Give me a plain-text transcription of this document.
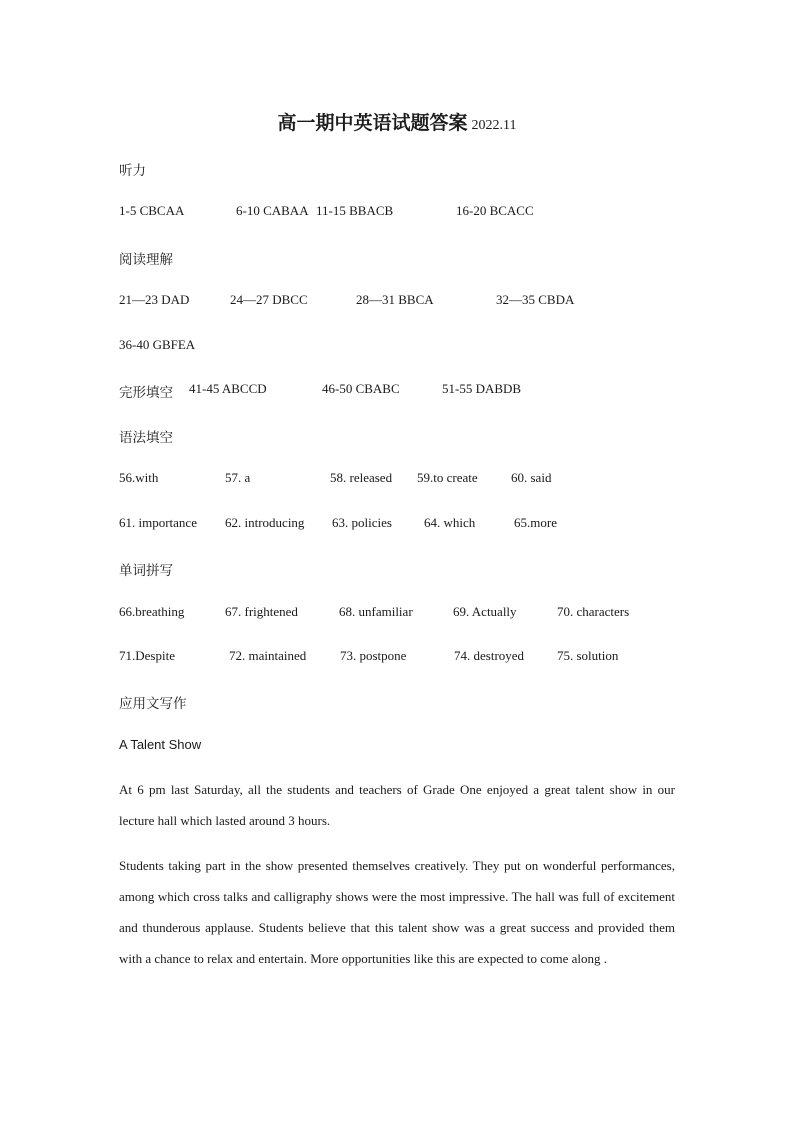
高一期中英语试题答案 2022.11
听力
1-5 CBCAA	6-10 CABAA 11-15 BBACB	16-20 BCACC
阅读理解
21—23 DAD	24—27 DBCC	28—31 BBCA	32—35 CBDA
36-40 GBFEA
完形填空 41-45 ABCCD	46-50 CBABC	51-55 DABDB
语法填空
56.with	57. a	58. released 59.to create	60. said
61. importance 62. introducing 63. policies 64. which	65.more
单词拼写
66.breathing	67. frightened	68. unfamiliar	69. Actually	70. characters
71.Despite	72. maintained	73. postpone	74. destroyed	75. solution
应用文写作
A Talent Show
At 6 pm last Saturday, all the students and teachers of Grade One enjoyed a great talent show in our lecture hall which lasted around 3 hours.
Students taking part in the show presented themselves creatively. They put on wonderful performances, among which cross talks and calligraphy shows were the most impressive. The hall was full of excitement and thunderous applause. Students believe that this talent show was a great success and provided them with a chance to relax and entertain. More opportunities like this are expected to come along .
